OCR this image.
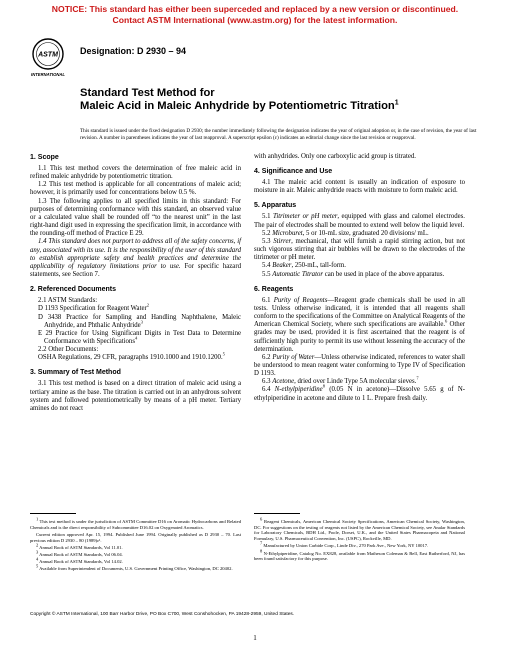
NOTICE: This standard has either been superceded and replaced by a new version or discontinued.
Contact ASTM International (www.astm.org) for the latest information.
ASTM
INTERNATIONAL
Designation: D 2930 – 94
Standard Test Method for
Maleic Acid in Maleic Anhydride by Potentiometric Titration$^1$
This standard is issued under the fixed designation D 2930; the number immediately following the designation indicates the year of original adoption or, in the case of revision, the year of last revision. A number in parentheses indicates the year of last reapproval. A superscript epsilon (ε) indicates an editorial change since the last revision or reapproval.
1. Scope

1.1 This test method covers the determination of free maleic acid in refined maleic anhydride by potentiometric titration.

1.2 This test method is applicable for all concentrations of maleic acid; however, it is primarily used for concentrations below 0.5 %.

1.3 The following applies to all specified limits in this standard: For purposes of determining conformance with this standard, an observed value or a calculated value shall be rounded off “to the nearest unit” in the last right-hand digit used in expressing the specification limit, in accordance with the rounding-off method of Practice E 29.

1.4 This standard does not purport to address all of the safety concerns, if any, associated with its use. It is the responsibility of the user of this standard to establish appropriate safety and health practices and determine the applicability of regulatory limitations prior to use. For specific hazard statements, see Section 7.

2. Referenced Documents

2.1 ASTM Standards:

D 1193 Specification for Reagent Water$^2$

D 3438 Practice for Sampling and Handling Naphthalene, Maleic Anhydride, and Phthalic Anhydride$^3$

E 29 Practice for Using Significant Digits in Test Data to Determine Conformance with Specifications$^4$

2.2 Other Documents:

OSHA Regulations, 29 CFR, paragraphs 1910.1000 and 1910.1200.$^5$

3. Summary of Test Method

3.1 This test method is based on a direct titration of maleic acid using a tertiary amine as the base. The titration is carried out in an anhydrous solvent system and followed potentiometrically by means of a pH meter. Tertiary amines do not react

with anhydrides. Only one carboxylic acid group is titrated.

4. Significance and Use

4.1 The maleic acid content is usually an indication of exposure to moisture in air. Maleic anhydride reacts with moisture to form maleic acid.

5. Apparatus

5.1 Titrimeter or pH meter, equipped with glass and calomel electrodes. The pair of electrodes shall be mounted to extend well below the liquid level.

5.2 Microburet, 5 or 10-mL size, graduated 20 divisions/ mL.

5.3 Stirrer, mechanical, that will furnish a rapid stirring action, but not such vigorous stirring that air bubbles will be drawn to the electrodes of the titrimeter or pH meter.

5.4 Beaker, 250-mL, tall-form.

5.5 Automatic Titrator can be used in place of the above apparatus.

6. Reagents

6.1 Purity of Reagents—Reagent grade chemicals shall be used in all tests. Unless otherwise indicated, it is intended that all reagents shall conform to the specifications of the Committee on Analytical Reagents of the American Chemical Society, where such specifications are available.$^6$ Other grades may be used, provided it is first ascertained that the reagent is of sufficiently high purity to permit its use without lessening the accuracy of the determination.

6.2 Purity of Water—Unless otherwise indicated, references to water shall be understood to mean reagent water conforming to Type IV of Specification D 1193.

6.3 Acetone, dried over Linde Type 5A molecular sieves.$^7$

6.4 N-ethylpiperidine$^8$ (0.05 N in acetone)—Dissolve 5.65 g of N-ethylpiperidine in acetone and dilute to 1 L. Prepare fresh daily.

$^1$ This test method is under the jurisdiction of ASTM Committee D16 on Aromatic Hydrocarbons and Related Chemicals and is the direct responsibility of Subcommittee D16.02 on Oxygenated Aromatics.

Current edition approved Apr. 15, 1994. Published June 1994. Originally published as D 2930 – 70. Last previous edition D 2930 – 80 (1989)ε¹.

$^2$ Annual Book of ASTM Standards, Vol 11.01.

$^3$ Annual Book of ASTM Standards, Vol 06.04.

$^4$ Annual Book of ASTM Standards, Vol 14.02.

$^5$ Available from Superintendent of Documents, U.S. Government Printing Office, Washington, DC 20402.

$^6$ Reagent Chemicals, American Chemical Society Specifications, American Chemical Society, Washington, DC. For suggestions on the testing of reagents not listed by the American Chemical Society, see Analar Standards for Laboratory Chemicals, BDH Ltd., Poole, Dorset, U.K., and the United States Pharmacopeia and National Formulary, U.S. Pharmaceutical Convention, Inc. (USPC), Rockville, MD.

$^7$ Manufactured by Union Carbide Corp., Linde Div., 270 Park Ave., New York, NY 10017.

$^8$ N-Ethylpiperidine, Catalog No. EX828, available from Matheson Coleman & Bell, East Rutherford, NJ, has been found satisfactory for this purpose.

Copyright © ASTM International, 100 Barr Harbor Drive, PO Box C700, West Conshohocken, PA 19428-2959, United States.
1
